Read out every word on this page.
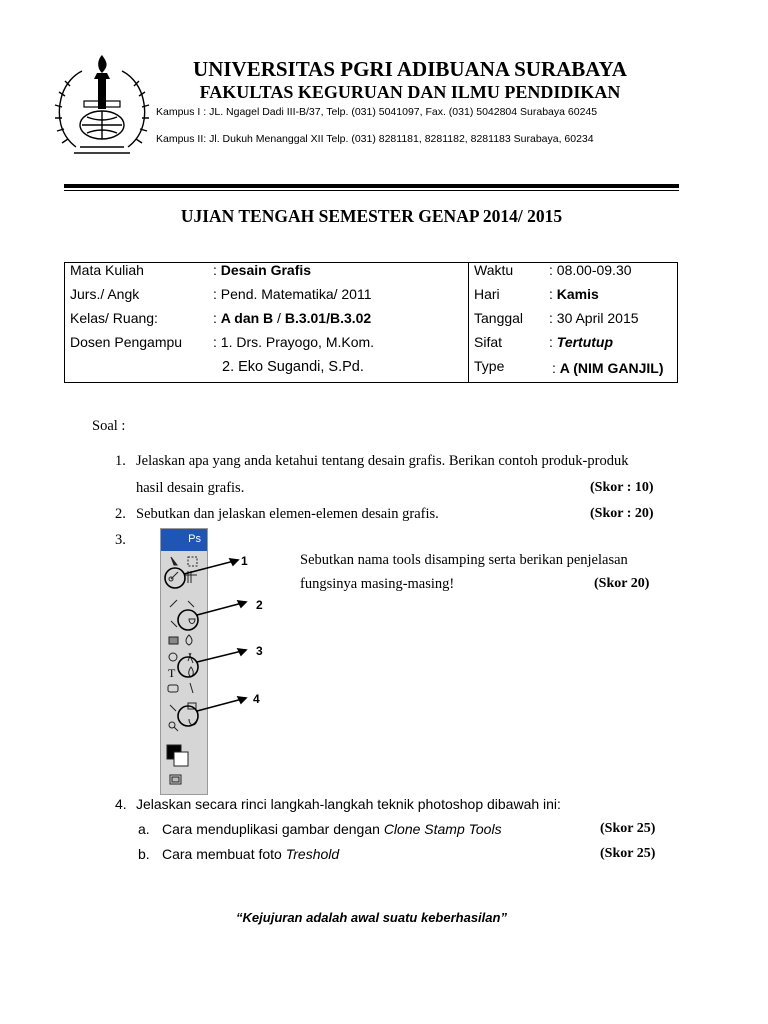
UNIVERSITAS PGRI ADIBUANA SURABAYA
FAKULTAS KEGURUAN DAN ILMU PENDIDIKAN
Kampus I : JL. Ngagel Dadi III-B/37, Telp. (031) 5041097, Fax. (031) 5042804 Surabaya 60245
Kampus II: Jl. Dukuh Menanggal XII Telp. (031) 8281181, 8281182, 8281183 Surabaya, 60234
UJIAN TENGAH SEMESTER GENAP 2014/ 2015
Mata Kuliah	: Desain Grafis
Jurs./ Angk	: Pend. Matematika/ 2011
Kelas/ Ruang:	: A dan B / B.3.01/B.3.02
Dosen Pengampu : 1. Drs. Prayogo, M.Kom.
2. Eko Sugandi, S.Pd.
Waktu	: 08.00-09.30
Hari	: Kamis
Tanggal : 30 April 2015
Sifat	: Tertutup
Type	: A (NIM GANJIL)
Soal :
1. Jelaskan apa yang anda ketahui tentang desain grafis. Berikan contoh produk-produk
hasil desain grafis.	(Skor : 10)
2. Sebutkan dan jelaskan elemen-elemen desain grafis.	(Skor : 20)
3.	Ps
T
1
2
3
4
Sebutkan nama tools disamping serta berikan penjelasan
fungsinya masing-masing!	(Skor 20)
4. Jelaskan secara rinci langkah-langkah teknik photoshop dibawah ini:
a. Cara menduplikasi gambar dengan Clone Stamp Tools	(Skor 25)
b. Cara membuat foto Treshold	(Skor 25)
“Kejujuran adalah awal suatu keberhasilan”
